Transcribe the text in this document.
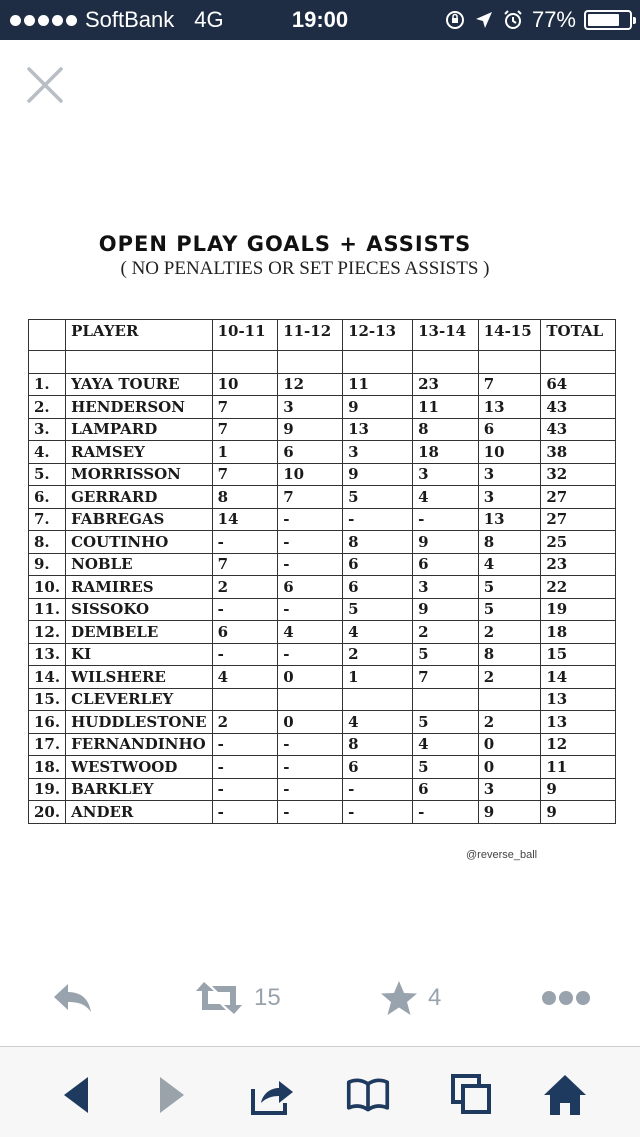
SoftBank 4G	19:00	77%
OPEN PLAY GOALS + ASSISTS
( NO PENALTIES OR SET PIECES ASSISTS )
	PLAYER	10-11	11-12	12-13	13-14	14-15	TOTAL

1.	YAYA TOURE	10	12	11	23	7	64
2.	HENDERSON	7	3	9	11	13	43
3.	LAMPARD	7	9	13	8	6	43
4.	RAMSEY	1	6	3	18	10	38
5.	MORRISSON	7	10	9	3	3	32
6.	GERRARD	8	7	5	4	3	27
7.	FABREGAS	14	-	-	-	13	27
8.	COUTINHO	-	-	8	9	8	25
9.	NOBLE	7	-	6	6	4	23
10.	RAMIRES	2	6	6	3	5	22
11.	SISSOKO	-	-	5	9	5	19
12.	DEMBELE	6	4	4	2	2	18
13.	KI	-	-	2	5	8	15
14.	WILSHERE	4	0	1	7	2	14
15.	CLEVERLEY						13
16.	HUDDLESTONE	2	0	4	5	2	13
17.	FERNANDINHO	-	-	8	4	0	12
18.	WESTWOOD	-	-	6	5	0	11
19.	BARKLEY	-	-	-	6	3	9
20.	ANDER	-	-	-	-	9	9
@reverse_ball
15	4
